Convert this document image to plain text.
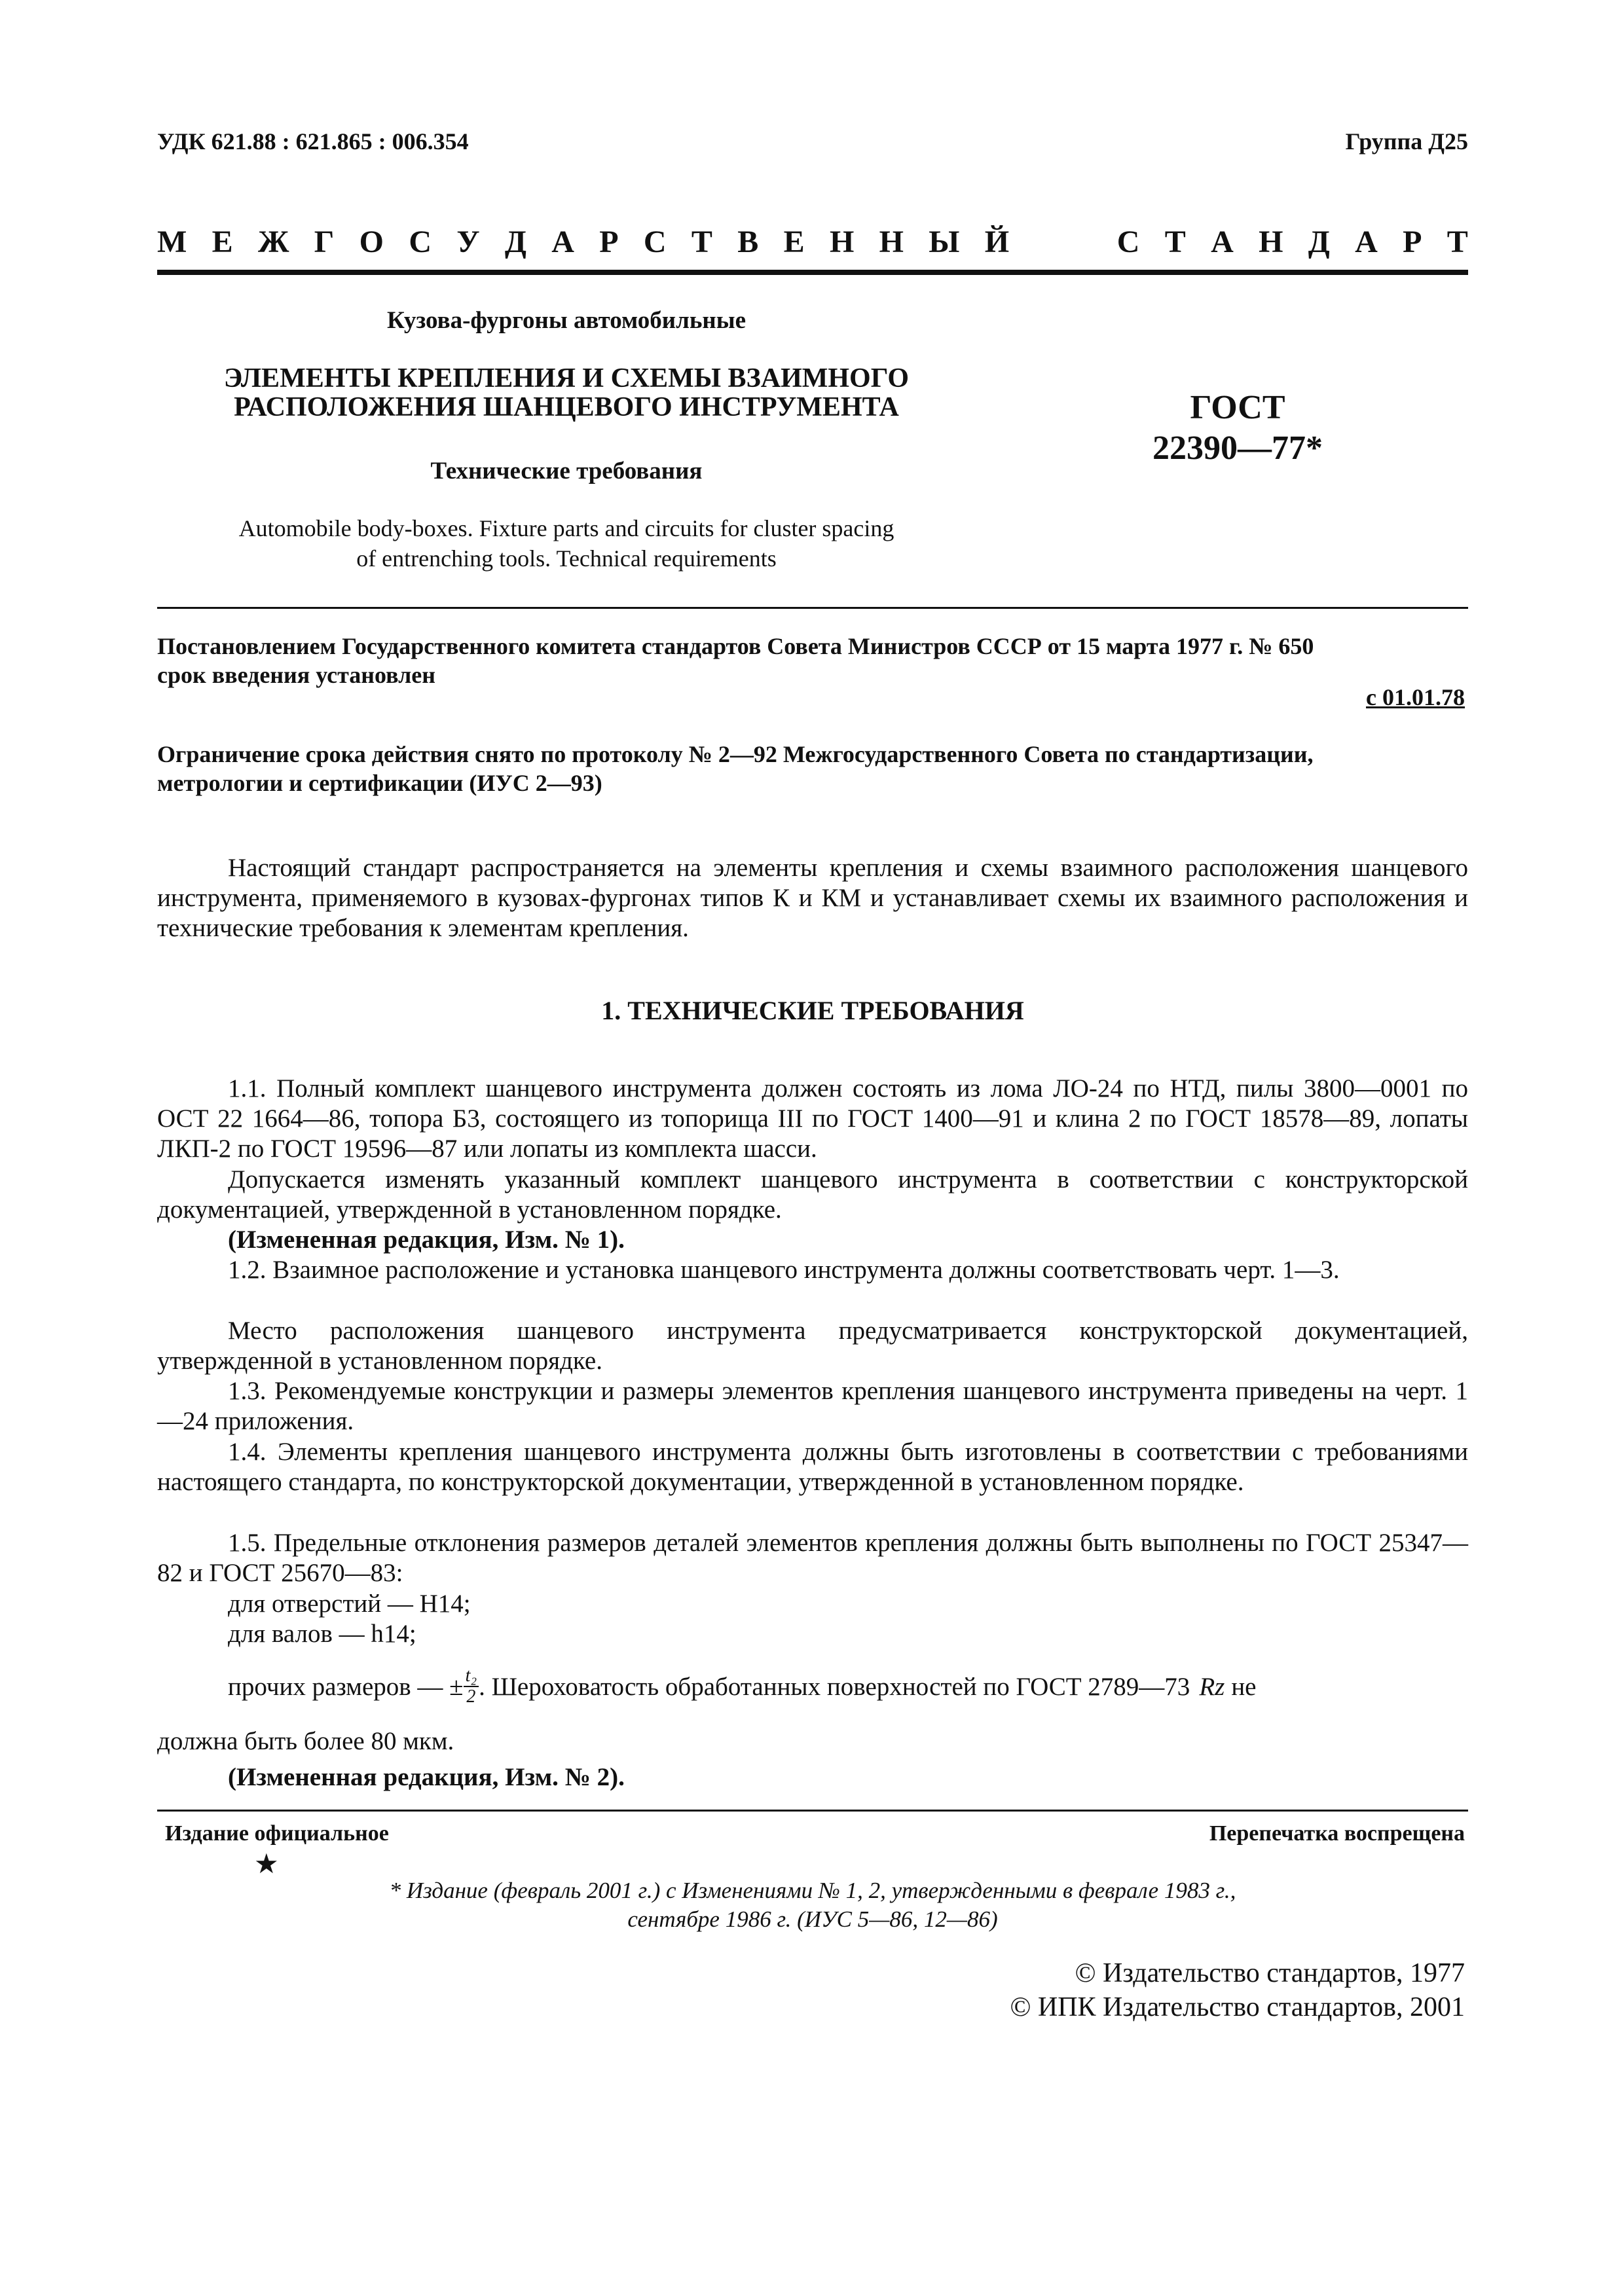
УДК 621.88 : 621.865 : 006.354	Группа Д25
М Е Ж Г О С У Д А Р С Т В Е Н Н Ы Й	С Т А Н Д А Р Т
Кузова-фургоны автомобильные
ЭЛЕМЕНТЫ КРЕПЛЕНИЯ И СХЕМЫ ВЗАИМНОГО
РАСПОЛОЖЕНИЯ ШАНЦЕВОГО ИНСТРУМЕНТА
Технические требования
Automobile body-boxes. Fixture parts and circuits for cluster spacing
of entrenching tools. Technical requirements
ГОСТ
22390—77*
Постановлением Государственного комитета стандартов Совета Министров СССР от 15 марта 1977 г. № 650
срок введения установлен
с 01.01.78
Ограничение срока действия снято по протоколу № 2—92 Межгосударственного Совета по стандартизации,
метрологии и сертификации (ИУС 2—93)
Настоящий стандарт распространяется на элементы крепления и схемы взаимного расположения шанцевого инструмента, применяемого в кузовах-фургонах типов К и КМ и устанавливает схемы их взаимного расположения и технические требования к элементам крепления.
1. ТЕХНИЧЕСКИЕ ТРЕБОВАНИЯ
1.1. Полный комплект шанцевого инструмента должен состоять из лома ЛО-24 по НТД, пилы 3800—0001 по ОСТ 22 1664—86, топора Б3, состоящего из топорища III по ГОСТ 1400—91 и клина 2 по ГОСТ 18578—89, лопаты ЛКП-2 по ГОСТ 19596—87 или лопаты из комплекта шасси.
Допускается изменять указанный комплект шанцевого инструмента в соответствии с конструкторской документацией, утвержденной в установленном порядке.
(Измененная редакция, Изм. № 1).
1.2. Взаимное расположение и установка шанцевого инструмента должны соответствовать черт. 1—3.
Место расположения шанцевого инструмента предусматривается конструкторской документацией, утвержденной в установленном порядке.
1.3. Рекомендуемые конструкции и размеры элементов крепления шанцевого инструмента приведены на черт. 1—24 приложения.
1.4. Элементы крепления шанцевого инструмента должны быть изготовлены в соответствии с требованиями настоящего стандарта, по конструкторской документации, утвержденной в установленном порядке.
1.5. Предельные отклонения размеров деталей элементов крепления должны быть выполнены по ГОСТ 25347—82 и ГОСТ 25670—83:
для отверстий — Н14;
для валов — h14;
прочих размеров — ± $\frac{\text{t₂}}{2}$ . Шероховатость обработанных поверхностей по ГОСТ 2789—73 Rz не
должна быть более 80 мкм.
(Измененная редакция, Изм. № 2).
Издание официальное	Перепечатка воспрещена
★
* Издание (февраль 2001 г.) с Изменениями № 1, 2, утвержденными в феврале 1983 г.,
сентябре 1986 г. (ИУС 5—86, 12—86)
© Издательство стандартов, 1977
© ИПК Издательство стандартов, 2001
